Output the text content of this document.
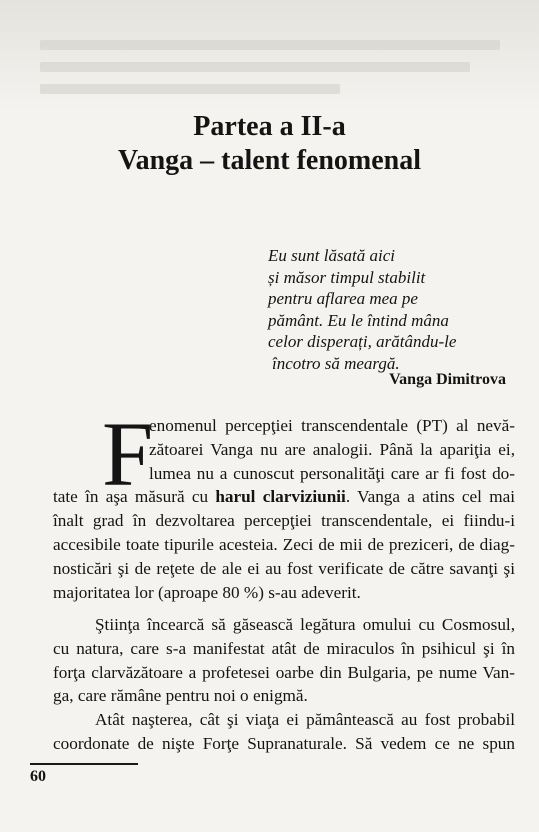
Partea a II-a
Vanga – talent fenomenal
Eu sunt lăsată aici
și măsor timpul stabilit
pentru aflarea mea pe
pământ. Eu le întind mâna
celor disperați, arătându-le
încotro să meargă.
Vanga Dimitrova
F
enomenul percepţiei transcendentale (PT) al nevă-
zătoarei Vanga nu are analogii. Până la apariţia ei,
lumea nu a cunoscut personalităţi care ar fi fost do-
tate în aşa măsură cu harul clarviziunii. Vanga a atins cel mai
înalt grad în dezvoltarea percepţiei transcendentale, ei fiindu-i
accesibile toate tipurile acesteia. Zeci de mii de preziceri, de diag-
nosticări şi de reţete de ale ei au fost verificate de către savanţi şi
majoritatea lor (aproape 80 %) s-au adeverit.
Ştiinţa încearcă să găsească legătura omului cu Cosmosul,
cu natura, care s-a manifestat atât de miraculos în psihicul şi în
forţa clarvăzătoare a profetesei oarbe din Bulgaria, pe nume Van-
ga, care rămâne pentru noi o enigmă.
Atât naşterea, cât şi viaţa ei pământească au fost probabil
coordonate de nişte Forţe Supranaturale. Să vedem ce ne spun
60
